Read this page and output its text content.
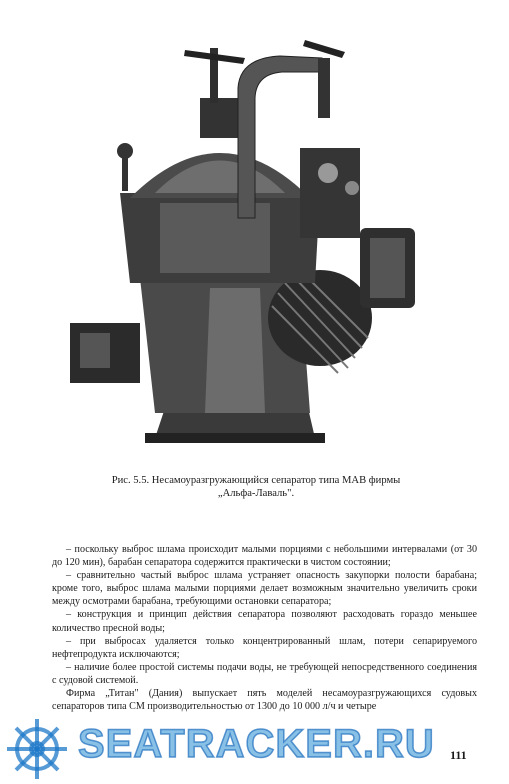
Рис. 5.5. Несамоуразгружающийся сепаратор типа МАВ фирмы
„Альфа-Лаваль".

– поскольку выброс шлама происходит малыми порциями с небольшими интервалами (от 30 до 120 мин), барабан сепаратора содержится практически в чистом состоянии;

– сравнительно частый выброс шлама устраняет опасность закупорки полости барабана; кроме того, выброс шлама малыми порциями делает возможным значительно увеличить сроки между осмотрами барабана, требующими остановки сепаратора;

– конструкция и принцип действия сепаратора позволяют расходовать гораздо меньшее количество пресной воды;

– при выбросах удаляется только концентрированный шлам, потери сепарируемого нефтепродукта исключаются;

– наличие более простой системы подачи воды, не требующей непосредственного соединения с судовой системой.

Фирма „Титан" (Дания) выпускает пять моделей несамоуразгружающихся судовых сепараторов типа СМ производительностью от 1300 до 10 000 л/ч и четыре

SEATRACKER.RU 111
